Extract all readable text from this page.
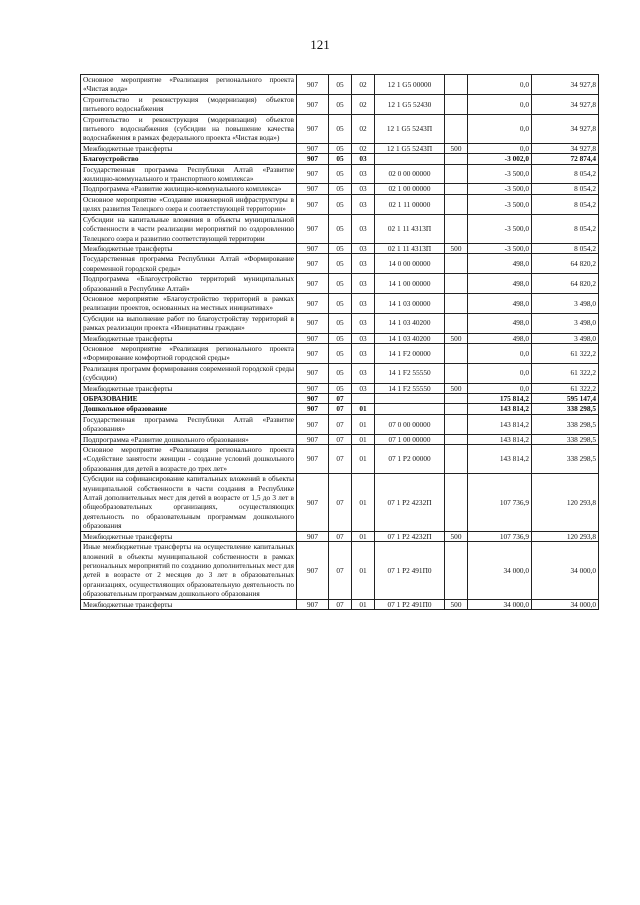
121
Основное мероприятие «Реализация регионального проекта «Чистая вода»	907	05	02	12 1 G5 00000		0,0	34 927,8
Строительство и реконструкция (модернизация) объектов питьевого водоснабжения	907	05	02	12 1 G5 52430		0,0	34 927,8
Строительство и реконструкция (модернизация) объектов питьевого водоснабжения (субсидии на повышение качества водоснабжения в рамках федерального проекта «Чистая вода»)	907	05	02	12 1 G5 5243П		0,0	34 927,8
Межбюджетные трансферты	907	05	02	12 1 G5 5243П	500	0,0	34 927,8
Благоустройство	907	05	03			-3 002,0	72 874,4
Государственная программа Республики Алтай «Развитие жилищно-коммунального и транспортного комплекса»	907	05	03	02 0 00 00000		-3 500,0	8 054,2
Подпрограмма «Развитие жилищно-коммунального комплекса»	907	05	03	02 1 00 00000		-3 500,0	8 054,2
Основное мероприятие «Создание инженерной инфраструктуры в целях развития Телецкого озера и соответствующей территории»	907	05	03	02 1 11 00000		-3 500,0	8 054,2
Субсидии на капитальные вложения в объекты муниципальной собственности в части реализации мероприятий по оздоровлению Телецкого озера и развитию соответствующей территории	907	05	03	02 1 11 4313П		-3 500,0	8 054,2
Межбюджетные трансферты	907	05	03	02 1 11 4313П	500	-3 500,0	8 054,2
Государственная программа Республики Алтай «Формирование современной городской среды»	907	05	03	14 0 00 00000		498,0	64 820,2
Подпрограмма «Благоустройство территорий муниципальных образований в Республике Алтай»	907	05	03	14 1 00 00000		498,0	64 820,2
Основное мероприятие «Благоустройство территорий в рамках реализации проектов, основанных на местных инициативах»	907	05	03	14 1 03 00000		498,0	3 498,0
Субсидии на выполнение работ по благоустройству территорий в рамках реализации проекта «Инициативы граждан»	907	05	03	14 1 03 40200		498,0	3 498,0
Межбюджетные трансферты	907	05	03	14 1 03 40200	500	498,0	3 498,0
Основное мероприятие «Реализация регионального проекта «Формирование комфортной городской среды»	907	05	03	14 1 F2 00000		0,0	61 322,2
Реализация программ формирования современной городской среды (субсидии)	907	05	03	14 1 F2 55550		0,0	61 322,2
Межбюджетные трансферты	907	05	03	14 1 F2 55550	500	0,0	61 322,2
ОБРАЗОВАНИЕ	907	07				175 814,2	595 147,4
Дошкольное образование	907	07	01			143 814,2	338 298,5
Государственная программа Республики Алтай «Развитие образования»	907	07	01	07 0 00 00000		143 814,2	338 298,5
Подпрограмма «Развитие дошкольного образования»	907	07	01	07 1 00 00000		143 814,2	338 298,5
Основное мероприятие «Реализация регионального проекта «Содействие занятости женщин - создание условий дошкольного образования для детей в возрасте до трех лет»	907	07	01	07 1 P2 00000		143 814,2	338 298,5
Субсидии на софинансирование капитальных вложений в объекты муниципальной собственности в части создания в Республике Алтай дополнительных мест для детей в возрасте от 1,5 до 3 лет в общеобразовательных организациях, осуществляющих деятельность по образовательным программам дошкольного образования	907	07	01	07 1 P2 4232П		107 736,9	120 293,8
Межбюджетные трансферты	907	07	01	07 1 P2 4232П	500	107 736,9	120 293,8
Иные межбюджетные трансферты на осуществление капитальных вложений в объекты муниципальной собственности в рамках региональных мероприятий по созданию дополнительных мест для детей в возрасте от 2 месяцев до 3 лет в образовательных организациях, осуществляющих образовательную деятельность по образовательным программам дошкольного образования	907	07	01	07 1 P2 491П0		34 000,0	34 000,0
Межбюджетные трансферты	907	07	01	07 1 P2 491П0	500	34 000,0	34 000,0
